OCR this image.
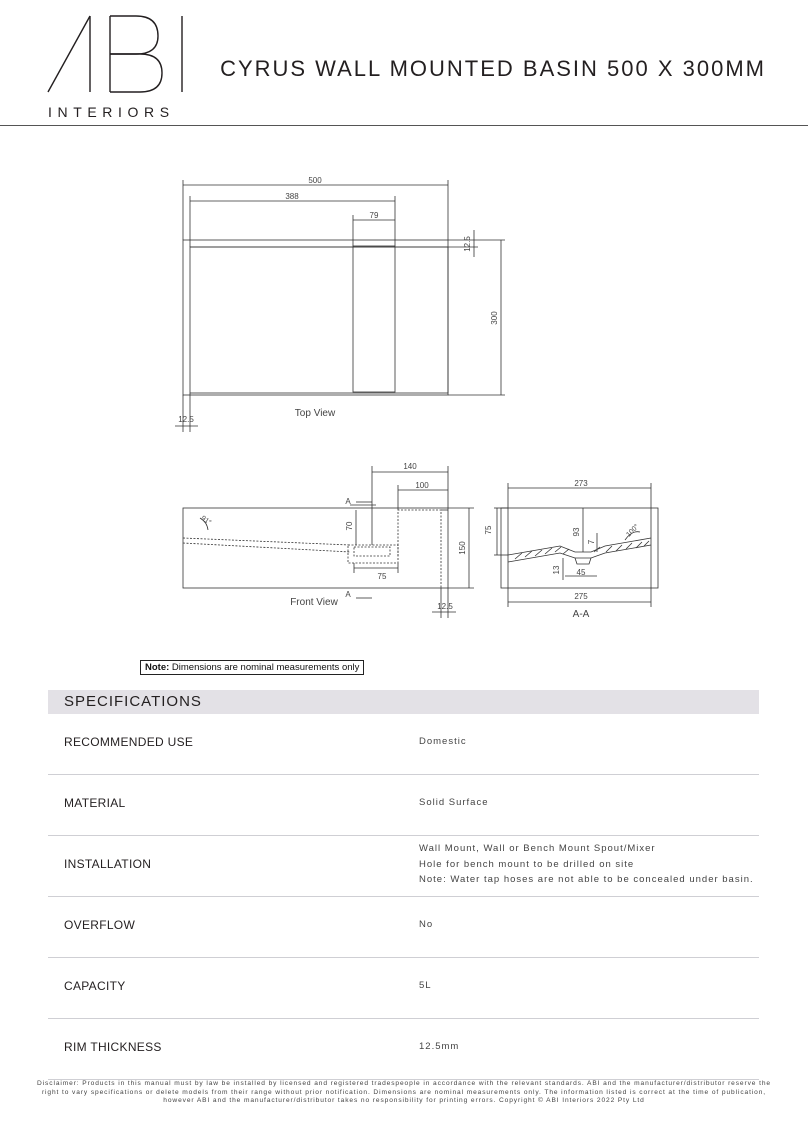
INTERIORS
CYRUS WALL MOUNTED BASIN 500 X 300MM
500
388
79
12.5
300
12.5
Top View
140
100
A
70
150
75
91°
A
12.5
Front View
273
75	93
7
100°
13 45
275
A-A
Note: Dimensions are nominal measurements only
SPECIFICATIONS
RECOMMENDED USE	Domestic
MATERIAL	Solid Surface
INSTALLATION
Wall Mount, Wall or Bench Mount Spout/Mixer
Hole for bench mount to be drilled on site
Note: Water tap hoses are not able to be concealed under basin.
OVERFLOW	No
CAPACITY	5L
RIM THICKNESS	12.5mm
Disclaimer: Products in this manual must by law be installed by licensed and registered tradespeople in accordance with the relevant standards. ABI and the manufacturer/distributor reserve the right to vary specifications or delete models from their range without prior notification. Dimensions are nominal measurements only. The information listed is correct at the time of publication, however ABI and the manufacturer/distributor takes no responsibility for printing errors. Copyright © ABI Interiors 2022 Pty Ltd
